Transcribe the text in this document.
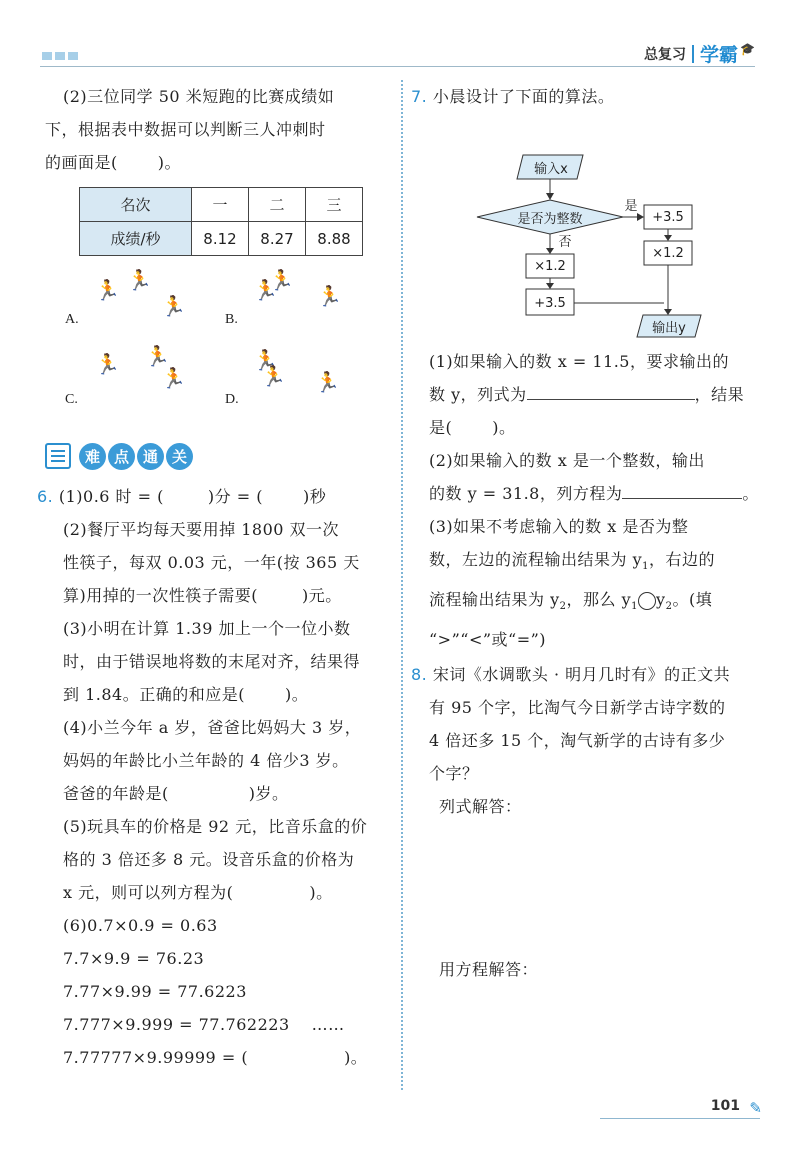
总复习 学霸 🎓
(2)三位同学 50 米短跑的比赛成绩如
下，根据表中数据可以判断三人冲刺时
的画面是(	)。
名次	一	二	三
成绩/秒	8.12	8.27	8.88
A.
🏃 🏃
🏃
B.
🏃
🏃
🏃
C.
🏃 🏃
🏃
D.
🏃
🏃 🏃
难 点 通 关
6. (1)0.6 时 = (	)分 = (	)秒
(2)餐厅平均每天要用掉 1800 双一次
性筷子，每双 0.03 元，一年(按 365 天
算)用掉的一次性筷子需要(	)元。
(3)小明在计算 1.39 加上一个一位小数
时，由于错误地将数的末尾对齐，结果得
到 1.84。正确的和应是(	)。
(4)小兰今年 a 岁，爸爸比妈妈大 3 岁，
妈妈的年龄比小兰年龄的 4 倍少3 岁。
爸爸的年龄是(	)岁。
(5)玩具车的价格是 92 元，比音乐盒的价
格的 3 倍还多 8 元。设音乐盒的价格为
x 元，则可以列方程为(	)。
(6)0.7×0.9 = 0.63
7.7×9.9 = 76.23
7.77×9.99 = 77.6223
7.777×9.999 = 77.762223 ……
7.77777×9.99999 = (	)。
7. 小晨设计了下面的算法。
输入x
是否为整数
是
否
+3.5
×1.2
×1.2
+3.5
输出y
(1)如果输入的数 x = 11.5，要求输出的
数 y，列式为	，结果
是(	)。
(2)如果输入的数 x 是一个整数，输出
的数 y = 31.8，列方程为	。
(3)如果不考虑输入的数 x 是否为整
数，左边的流程输出结果为 $y_1$，右边的
流程输出结果为 $y_2$，那么 $y_1$ $y_2$。(填
“>”“<”或“=”)
8. 宋词《水调歌头 · 明月几时有》的正文共
有 95 个字，比淘气今日新学古诗字数的
4 倍还多 15 个，淘气新学的古诗有多少
个字？
列式解答：
用方程解答：
101 ✎
